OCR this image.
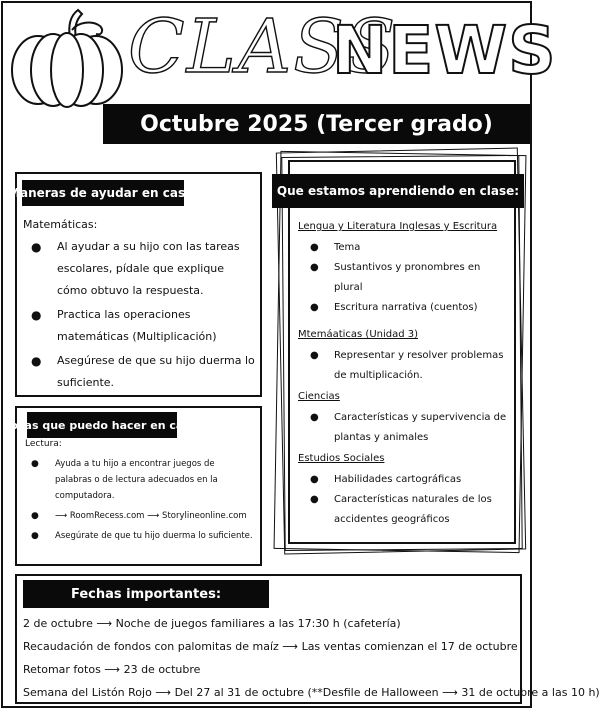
CLASS
NEWS
Octubre 2025 (Tercer grado)
Maneras de ayudar en casa:
Matemáticas:
● Al ayudar a su hijo con las tareas escolares, pídale que explique cómo obtuvo la respuesta.
● Practica las operaciones matemáticas (Multiplicación)
● Asegúrese de que su hijo duerma lo suficiente.
Cosas que puedo hacer en casa:
Lectura:
● Ayuda a tu hijo a encontrar juegos de palabras o de lectura adecuados en la computadora.
● ⟶ RoomRecess.com ⟶ Storylineonline.com
● Asegúrate de que tu hijo duerma lo suficiente.
Que estamos aprendiendo en clase:
Lengua y Literatura Inglesas y Escritura
● Tema
● Sustantivos y pronombres en plural
● Escritura narrativa (cuentos)
Mtemáaticas (Unidad 3)
● Representar y resolver problemas de multiplicación.
Ciencias
● Características y supervivencia de plantas y animales
Estudios Sociales
● Habilidades cartográficas
● Características naturales de los accidentes geográficos
Fechas importantes:
2 de octubre ⟶ Noche de juegos familiares a las 17:30 h (cafetería)
Recaudación de fondos con palomitas de maíz ⟶ Las ventas comienzan el 17 de octubre
Retomar fotos ⟶ 23 de octubre
Semana del Listón Rojo ⟶ Del 27 al 31 de octubre (**Desfile de Halloween ⟶ 31 de octubre a las 10 h)
